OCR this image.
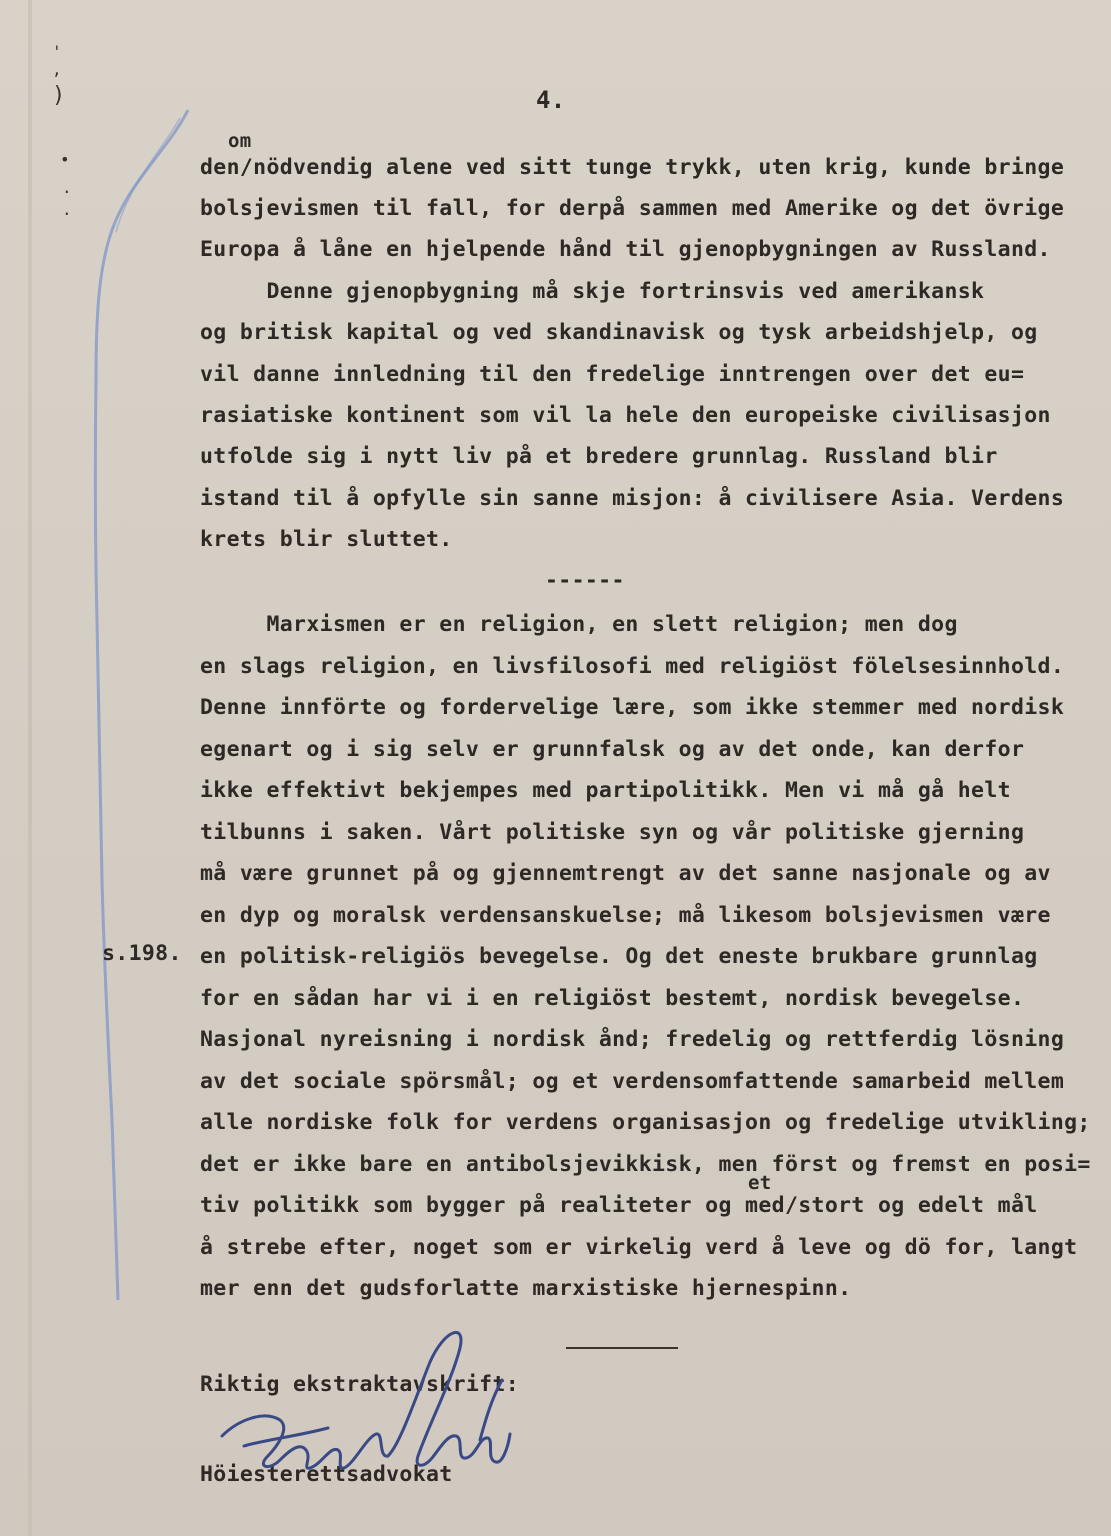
'
,
)
•
.
.

4.

om

den/nödvendig alene ved sitt tunge trykk, uten krig, kunde bringe

bolsjevismen til fall, for derpå sammen med Amerike og det övrige

Europa å låne en hjelpende hånd til gjenopbygningen av Russland.

Denne gjenopbygning må skje fortrinsvis ved amerikansk

og britisk kapital og ved skandinavisk og tysk arbeidshjelp, og

vil danne innledning til den fredelige inntrengen over det eu=

rasiatiske kontinent som vil la hele den europeiske civilisasjon

utfolde sig i nytt liv på et bredere grunnlag. Russland blir

istand til å opfylle sin sanne misjon: å civilisere Asia. Verdens

krets blir sluttet.

------

Marxismen er en religion, en slett religion; men dog

en slags religion, en livsfilosofi med religiöst fölelsesinnhold.

Denne innförte og fordervelige lære, som ikke stemmer med nordisk

egenart og i sig selv er grunnfalsk og av det onde, kan derfor

ikke effektivt bekjempes med partipolitikk. Men vi må gå helt

tilbunns i saken. Vårt politiske syn og vår politiske gjerning

må være grunnet på og gjennemtrengt av det sanne nasjonale og av

en dyp og moralsk verdensanskuelse; må likesom bolsjevismen være

s.198.

en politisk-religiös bevegelse. Og det eneste brukbare grunnlag

for en sådan har vi i en religiöst bestemt, nordisk bevegelse.

Nasjonal nyreisning i nordisk ånd; fredelig og rettferdig lösning

av det sociale spörsmål; og et verdensomfattende samarbeid mellem

alle nordiske folk for verdens organisasjon og fredelige utvikling;

det er ikke bare en antibolsjevikkisk, men först og fremst en posi=

et

tiv politikk som bygger på realiteter og med/stort og edelt mål

å strebe efter, noget som er virkelig verd å leve og dö for, langt

mer enn det gudsforlatte marxistiske hjernespinn.

Riktig ekstraktavskrift:

Höiesterettsadvokat
